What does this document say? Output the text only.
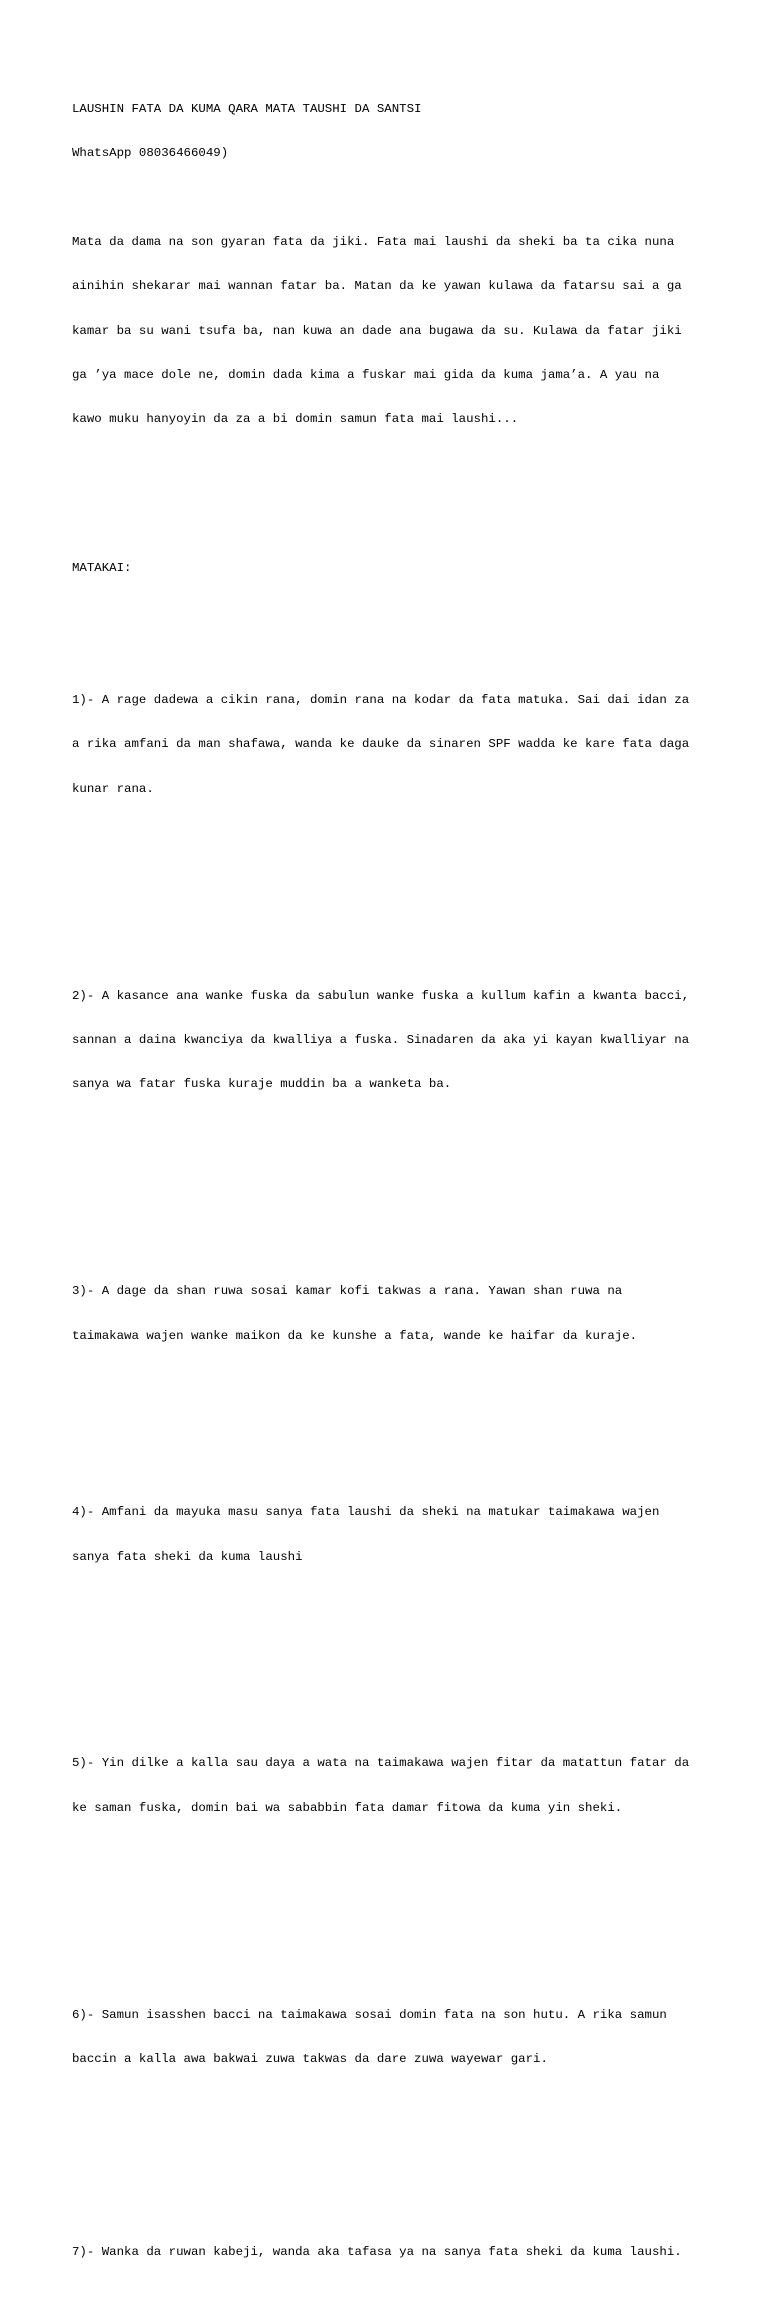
LAUSHIN FATA DA KUMA QARA MATA TAUSHI DA SANTSI

WhatsApp 08036466049)

Mata da dama na son gyaran fata da jiki. Fata mai laushi da sheki ba ta cika nuna

ainihin shekarar mai wannan fatar ba. Matan da ke yawan kulawa da fatarsu sai a ga

kamar ba su wani tsufa ba, nan kuwa an dade ana bugawa da su. Kulawa da fatar jiki

ga ’ya mace dole ne, domin dada kima a fuskar mai gida da kuma jama’a. A yau na

kawo muku hanyoyin da za a bi domin samun fata mai laushi...

MATAKAI:

1)- A rage dadewa a cikin rana, domin rana na kodar da fata matuka. Sai dai idan za

a rika amfani da man shafawa, wanda ke dauke da sinaren SPF wadda ke kare fata daga

kunar rana.

2)- A kasance ana wanke fuska da sabulun wanke fuska a kullum kafin a kwanta bacci,

sannan a daina kwanciya da kwalliya a fuska. Sinadaren da aka yi kayan kwalliyar na

sanya wa fatar fuska kuraje muddin ba a wanketa ba.

3)- A dage da shan ruwa sosai kamar kofi takwas a rana. Yawan shan ruwa na

taimakawa wajen wanke maikon da ke kunshe a fata, wande ke haifar da kuraje.

4)- Amfani da mayuka masu sanya fata laushi da sheki na matukar taimakawa wajen

sanya fata sheki da kuma laushi

5)- Yin dilke a kalla sau daya a wata na taimakawa wajen fitar da matattun fatar da

ke saman fuska, domin bai wa sababbin fata damar fitowa da kuma yin sheki.

6)- Samun isasshen bacci na taimakawa sosai domin fata na son hutu. A rika samun

baccin a kalla awa bakwai zuwa takwas da dare zuwa wayewar gari.

7)- Wanka da ruwan kabeji, wanda aka tafasa ya na sanya fata sheki da kuma laushi.
